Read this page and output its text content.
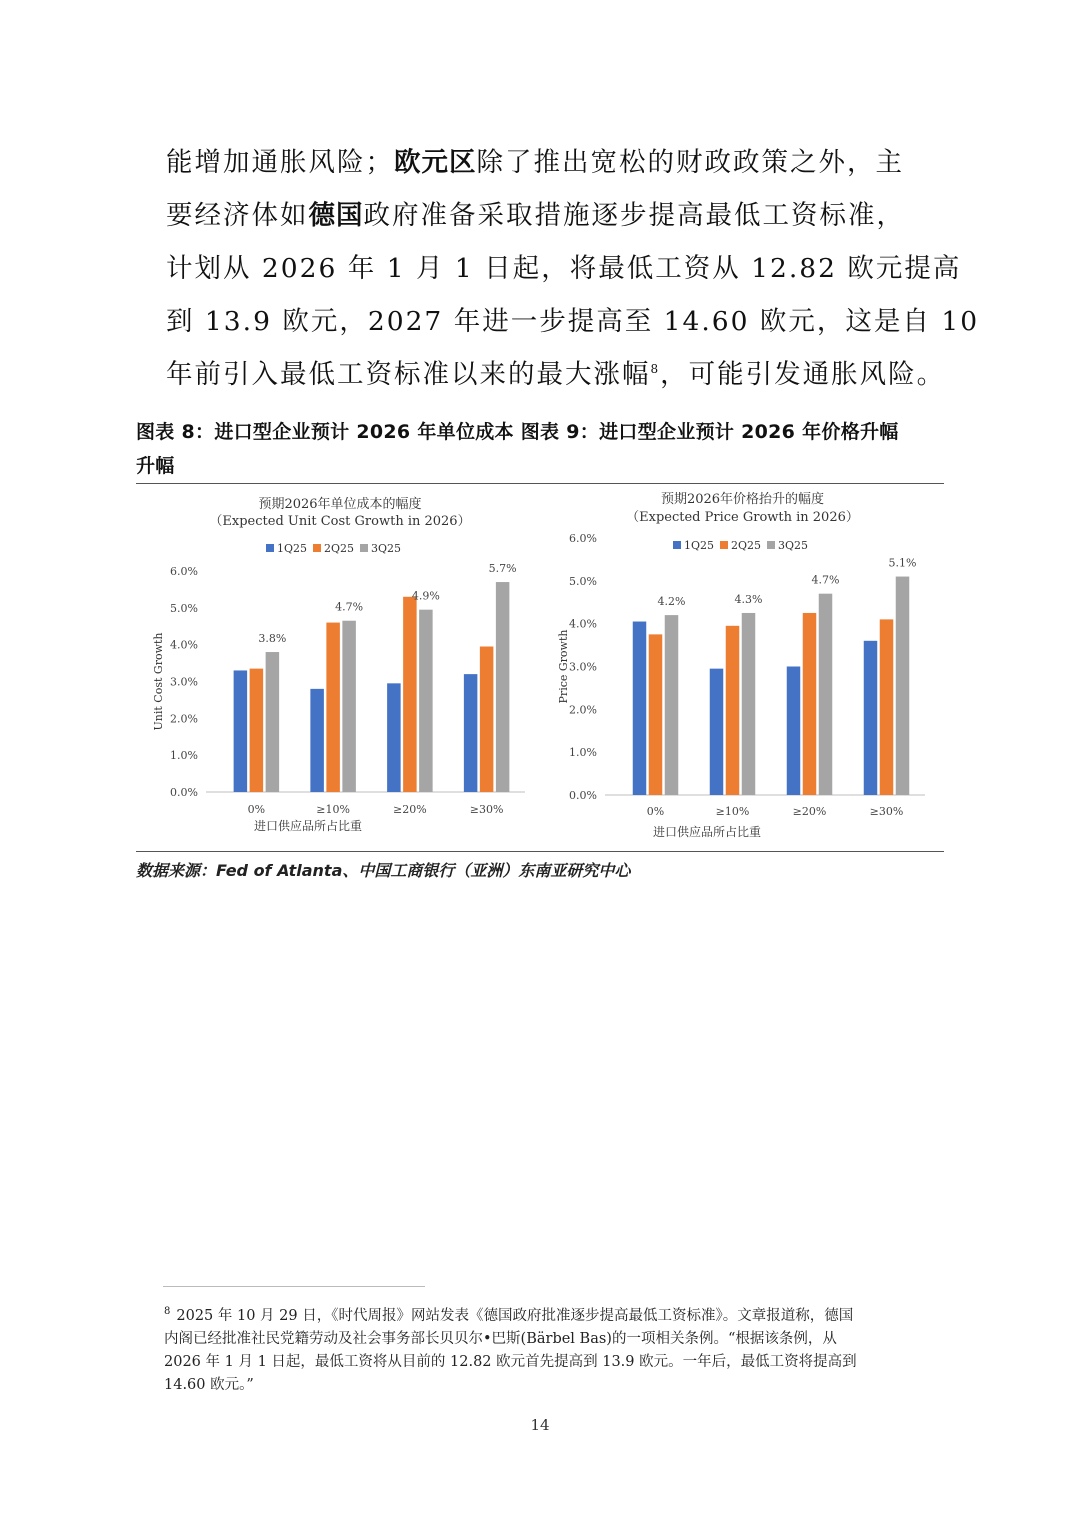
能增加通胀风险；欧元区除了推出宽松的财政政策之外，主
要经济体如德国政府准备采取措施逐步提高最低工资标准，
计划从 2026 年 1 月 1 日起，将最低工资从 12.82 欧元提高
到 13.9 欧元，2027 年进一步提高至 14.60 欧元，这是自 10
年前引入最低工资标准以来的最大涨幅$^8$，可能引发通胀风险。
图表 8：进口型企业预计 2026 年单位成本 图表 9：进口型企业预计 2026 年价格升幅
升幅
预期2026年单位成本的幅度
（Expected Unit Cost Growth in 2026）
1Q25 2Q25 3Q25
0.0%
1.0%
2.0%
3.0%
4.0%
5.0%
6.0%
Unit Cost Growth	3.8%
0%
4.7%
≥10%
4.9%
≥20%
5.7%
≥30%
进口供应品所占比重
预期2026年价格抬升的幅度
（Expected Price Growth in 2026）
1Q25 2Q25 3Q25
0.0%
1.0%
2.0%
3.0%
4.0%
5.0%
6.0%
Price Growth
4.2%
0%
4.3%
≥10%
4.7%
≥20%
5.1%
≥30%
进口供应品所占比重
数据来源：Fed of Atlanta、中国工商银行（亚洲）东南亚研究中心
$^8$ 2025 年 10 月 29 日，《时代周报》网站发表《德国政府批准逐步提高最低工资标准》。文章报道称，德国
内阁已经批准社民党籍劳动及社会事务部长贝贝尔•巴斯(Bärbel Bas)的一项相关条例。“根据该条例，从
2026 年 1 月 1 日起，最低工资将从目前的 12.82 欧元首先提高到 13.9 欧元。一年后，最低工资将提高到
14.60 欧元。”
14
